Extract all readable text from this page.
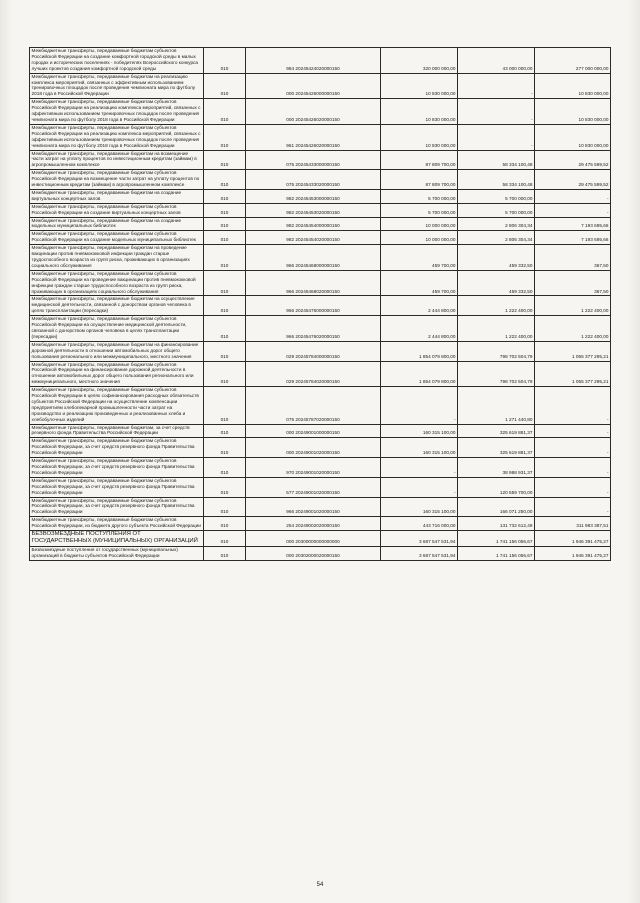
Межбюджетные трансферты, передаваемые бюджетам субъектов Российской Федерации на создание комфортной городской среды в малых городах и исторических поселениях - победителях Всероссийского конкурса лучших проектов создания комфортной городской среды	010	984 20245424020000150	320 000 000,00	43 000 000,00	277 000 000,00
Межбюджетные трансферты, передаваемые бюджетам на реализацию комплекса мероприятий, связанных с эффективным использованием тренировочных площадок после проведения чемпионата мира по футболу 2018 года в Российской Федерации	010	000 20245426000000150	10 830 000,00	-	10 830 000,00
Межбюджетные трансферты, передаваемые бюджетам субъектов Российской Федерации на реализацию комплекса мероприятий, связанных с эффективным использованием тренировочных площадок после проведения чемпионата мира по футболу 2018 года в Российской Федерации	010	000 20245426020000150	10 830 000,00	-	10 830 000,00
Межбюджетные трансферты, передаваемые бюджетам субъектов Российской Федерации на реализацию комплекса мероприятий, связанных с эффективным использованием тренировочных площадок после проведения чемпионата мира по футболу 2018 года в Российской Федерации	010	961 20245426020000150	10 830 000,00	-	10 830 000,00
Межбюджетные трансферты, передаваемые бюджетам на возмещение части затрат на уплату процентов по инвестиционным кредитам (займам) в агропромышленном комплексе	010	075 20245433000000150	87 809 700,00	58 334 100,48	29 475 599,52
Межбюджетные трансферты, передаваемые бюджетам субъектов Российской Федерации на возмещение части затрат на уплату процентов по инвестиционным кредитам (займам) в агропромышленном комплексе	010	075 20245433020000150	87 809 700,00	58 334 100,48	29 475 599,52
Межбюджетные трансферты, передаваемые бюджетам на создание виртуальных концертных залов	010	982 20245453000000150	5 700 000,00	5 700 000,00	-
Межбюджетные трансферты, передаваемые бюджетам субъектов Российской Федерации на создание виртуальных концертных залов	010	982 20245453020000150	5 700 000,00	5 700 000,00	-
Межбюджетные трансферты, передаваемые бюджетам на создание модельных муниципальных библиотек	010	982 20245454000000150	10 000 000,00	2 806 304,34	7 193 695,66
Межбюджетные трансферты, передаваемые бюджетам субъектов Российской Федерации на создание модельных муниципальных библиотек	010	982 20245454020000150	10 000 000,00	2 806 304,34	7 193 695,66
Межбюджетные трансферты, передаваемые бюджетам на проведение вакцинации против пневмококковой инфекции граждан старше трудоспособного возраста из групп риска, проживающих в организациях социального обслуживания	010	966 20245468000000150	459 700,00	459 332,50	367,50
Межбюджетные трансферты, передаваемые бюджетам субъектов Российской Федерации на проведение вакцинации против пневмококковой инфекции граждан старше трудоспособного возраста из групп риска, проживающих в организациях социального обслуживания	010	966 20245468020000150	459 700,00	459 332,50	367,50
Межбюджетные трансферты, передаваемые бюджетам на осуществление медицинской деятельности, связанной с донорством органов человека в целях трансплантации (пересадки)	010	966 20245476000000150	2 444 800,00	1 222 400,00	1 222 400,00
Межбюджетные трансферты, передаваемые бюджетам субъектов Российской Федерации на осуществление медицинской деятельности, связанной с донорством органов человека в целях трансплантации (пересадки)	010	966 20245476020000150	2 444 800,00	1 222 400,00	1 222 400,00
Межбюджетные трансферты, передаваемые бюджетам на финансирование дорожной деятельности в отношении автомобильных дорог общего пользования регионального или межмуниципального, местного значения	010	029 20245784000000150	1 854 079 800,00	798 702 504,79	1 055 377 295,21
Межбюджетные трансферты, передаваемые бюджетам субъектов Российской Федерации на финансирование дорожной деятельности в отношении автомобильных дорог общего пользования регионального или межмуниципального, местного значения	010	029 20245784020000150	1 854 079 800,00	798 702 504,79	1 055 377 295,21
Межбюджетные трансферты, передаваемые бюджетам субъектов Российской Федерации в целях софинансирования расходных обязательств субъектов Российской Федерации на осуществление компенсации предприятиям хлебопекарной промышленности части затрат на производство и реализацию произведенных и реализованных хлеба и хлебобулочных изделий	010	075 20245787020000150	-	1 271 440,80	-
Межбюджетные трансферты, передаваемые бюджетам, за счет средств резервного фонда Правительства Российской Федерации	010	000 20249001000000150	160 315 100,00	325 619 881,37	-
Межбюджетные трансферты, передаваемые бюджетам субъектов Российской Федерации, за счет средств резервного фонда Правительства Российской Федерации	010	000 20249001020000150	160 315 100,00	325 619 881,37	-
Межбюджетные трансферты, передаваемые бюджетам субъектов Российской Федерации, за счет средств резервного фонда Правительства Российской Федерации	010	970 20249001020000150	-	38 988 931,37	-
Межбюджетные трансферты, передаваемые бюджетам субъектов Российской Федерации, за счет средств резервного фонда Правительства Российской Федерации	010	577 20249001020000150	-	120 559 700,00	-
Межбюджетные трансферты, передаваемые бюджетам субъектов Российской Федерации, за счет средств резервного фонда Правительства Российской Федерации	010	966 20249001020000150	160 315 100,00	166 071 250,00	-
Межбюджетные трансферты, передаваемые бюджетам субъектов Российской Федерации, из бюджета другого субъекта Российской Федерации	010	254 20249002020000150	443 716 000,00	131 732 612,49	311 983 387,51
БЕЗВОЗМЕЗДНЫЕ ПОСТУПЛЕНИЯ ОТ ГОСУДАРСТВЕННЫХ (МУНИЦИПАЛЬНЫХ) ОРГАНИЗАЦИЙ	010	000 20300000000000000	3 687 547 531,94	1 741 156 056,67	1 946 391 475,27
Безвозмездные поступления от государственных (муниципальных) организаций в бюджеты субъектов Российской Федерации	010	000 20302000020000150	3 687 547 531,94	1 741 156 056,67	1 946 391 475,27
54
